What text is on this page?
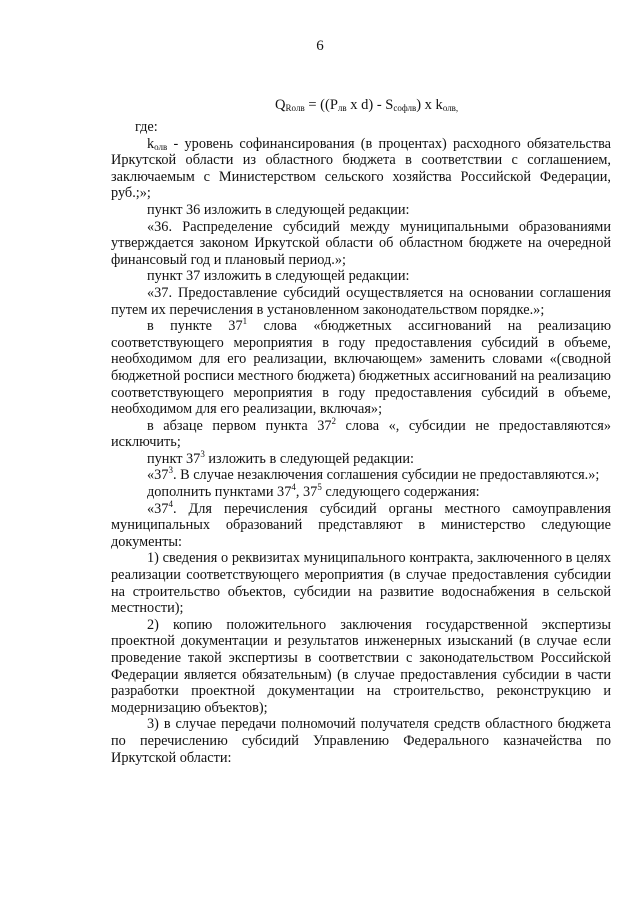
6
$Q_{Roлв} = ((P_{лв}$ x $d) - S_{софлв}$) x $k_{олв,}$

где:

$k_{олв}$ - уровень софинансирования (в процентах) расходного обязательства Иркутской области из областного бюджета в соответствии с соглашением, заключаемым с Министерством сельского хозяйства Российской Федерации, руб.;»;

пункт 36 изложить в следующей редакции:

«36. Распределение субсидий между муниципальными образованиями утверждается законом Иркутской области об областном бюджете на очередной финансовый год и плановый период.»;

пункт 37 изложить в следующей редакции:

«37. Предоставление субсидий осуществляется на основании соглашения путем их перечисления в установленном законодательством порядке.»;

в пункте $37^1$ слова «бюджетных ассигнований на реализацию соответствующего мероприятия в году предоставления субсидий в объеме, необходимом для его реализации, включающем» заменить словами «(сводной бюджетной росписи местного бюджета) бюджетных ассигнований на реализацию соответствующего мероприятия в году предоставления субсидий в объеме, необходимом для его реализации, включая»;

в абзаце первом пункта $37^2$ слова «, субсидии не предоставляются» исключить;

пункт $37^3$ изложить в следующей редакции:

«$37^3$. В случае незаключения соглашения субсидии не предоставляются.»;

дополнить пунктами $37^4$, $37^5$ следующего содержания:

«$37^4$. Для перечисления субсидий органы местного самоуправления муниципальных образований представляют в министерство следующие документы:

1) сведения о реквизитах муниципального контракта, заключенного в целях реализации соответствующего мероприятия (в случае предоставления субсидии на строительство объектов, субсидии на развитие водоснабжения в сельской местности);

2) копию положительного заключения государственной экспертизы проектной документации и результатов инженерных изысканий (в случае если проведение такой экспертизы в соответствии с законодательством Российской Федерации является обязательным) (в случае предоставления субсидии в части разработки проектной документации на строительство, реконструкцию и модернизацию объектов);

3) в случае передачи полномочий получателя средств областного бюджета по перечислению субсидий Управлению Федерального казначейства по Иркутской области:
